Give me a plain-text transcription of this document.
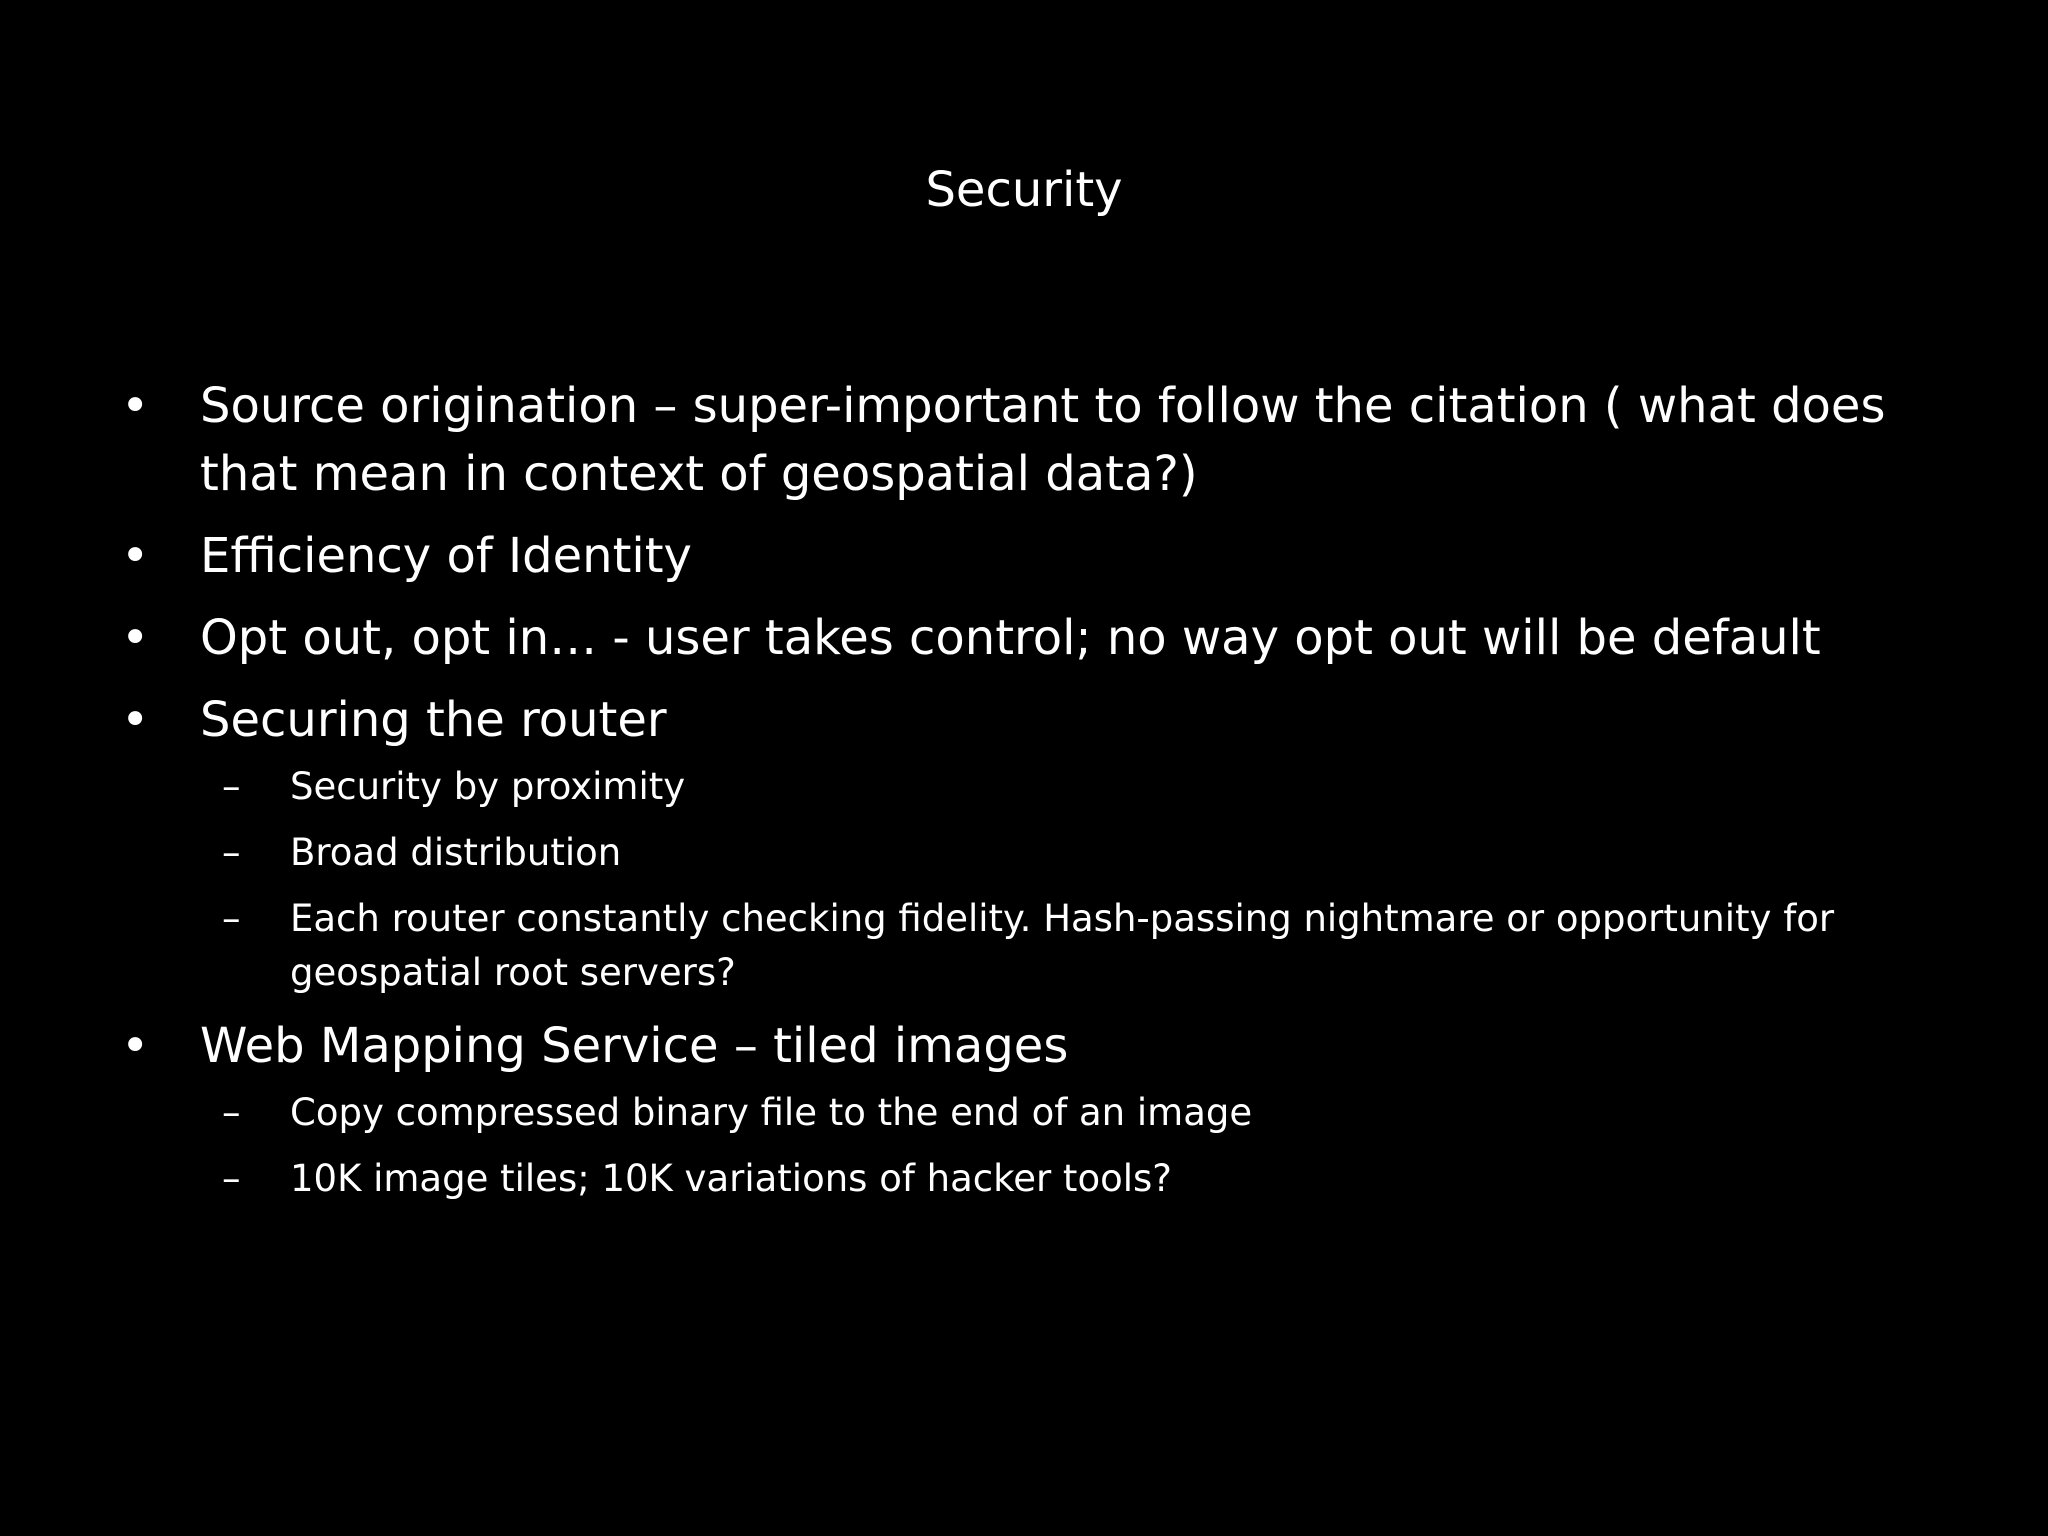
Security
• Source origination – super-important to follow the citation ( what does that mean in context of geospatial data?)
• Efficiency of Identity
• Opt out, opt in… - user takes control; no way opt out will be default
• Securing the router
– Security by proximity
– Broad distribution
– Each router constantly checking fidelity. Hash-passing nightmare or opportunity for geospatial root servers?
• Web Mapping Service – tiled images
– Copy compressed binary file to the end of an image
– 10K image tiles; 10K variations of hacker tools?
